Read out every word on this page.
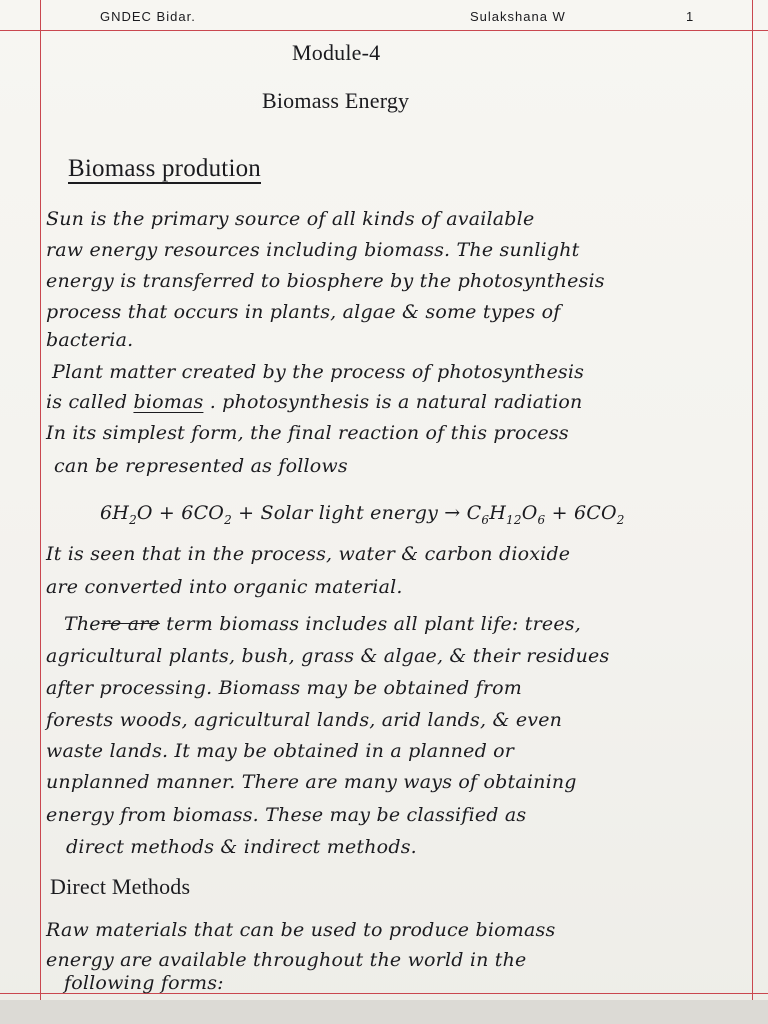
GNDEC Bidar.	Sulakshana W	1
Module-4
Biomass Energy
Biomass prodution
Sun is the primary source of all kinds of available
raw energy resources including biomass. The sunlight
energy is transferred to biosphere by the photosynthesis
process that occurs in plants, algae & some types of
bacteria.
Plant matter created by the process of photosynthesis
is called biomas . photosynthesis is a natural radiation
In its simplest form, the final reaction of this process
can be represented as follows
$6H_2O + 6CO_2$ + Solar light energy → $C_6H_{12}O_6 + 6CO_2$
It is seen that in the process, water & carbon dioxide
are converted into organic material.
There are term biomass includes all plant life: trees,
agricultural plants, bush, grass & algae, & their residues
after processing. Biomass may be obtained from
forests woods, agricultural lands, arid lands, & even
waste lands. It may be obtained in a planned or
unplanned manner. There are many ways of obtaining
energy from biomass. These may be classified as
direct methods & indirect methods.
Direct Methods
Raw materials that can be used to produce biomass
energy are available throughout the world in the
following forms:
